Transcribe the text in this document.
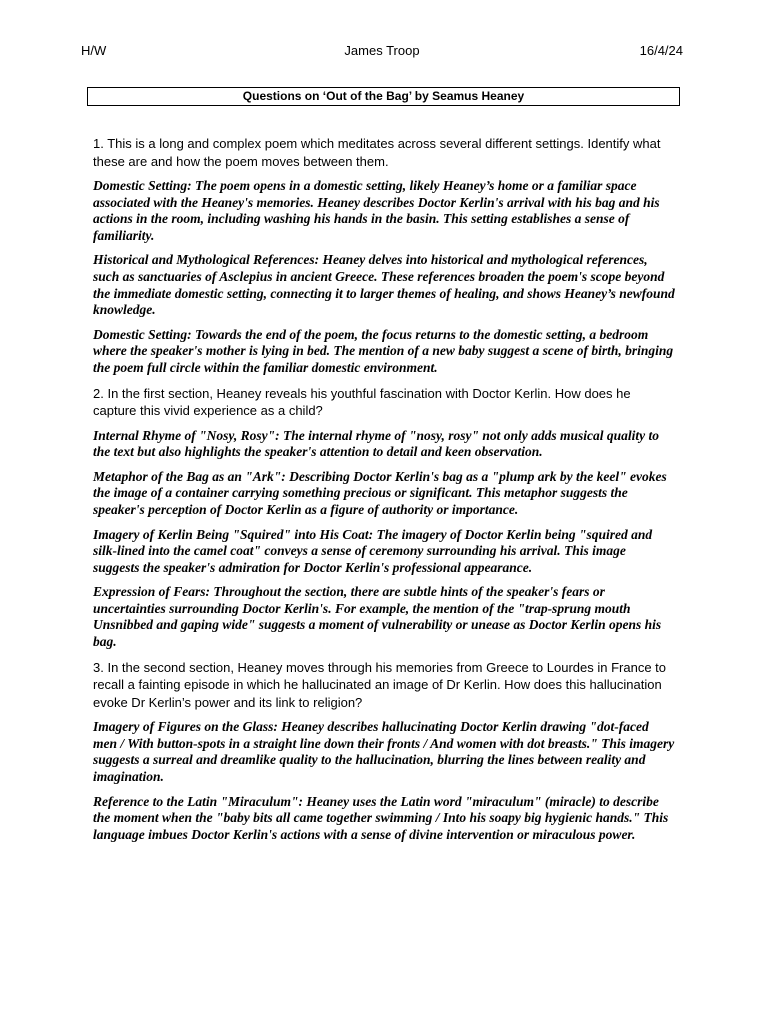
H/W	James Troop	16/4/24
Questions on ‘Out of the Bag’ by Seamus Heaney

1. This is a long and complex poem which meditates across several different settings. Identify what these are and how the poem moves between them.

Domestic Setting: The poem opens in a domestic setting, likely Heaney’s home or a familiar space associated with the Heaney's memories. Heaney describes Doctor Kerlin's arrival with his bag and his actions in the room, including washing his hands in the basin. This setting establishes a sense of familiarity.

Historical and Mythological References: Heaney delves into historical and mythological references, such as sanctuaries of Asclepius in ancient Greece. These references broaden the poem's scope beyond the immediate domestic setting, connecting it to larger themes of healing, and shows Heaney’s newfound knowledge.

Domestic Setting: Towards the end of the poem, the focus returns to the domestic setting, a bedroom where the speaker's mother is lying in bed. The mention of a new baby suggest a scene of birth, bringing the poem full circle within the familiar domestic environment.

2. In the first section, Heaney reveals his youthful fascination with Doctor Kerlin. How does he capture this vivid experience as a child?

Internal Rhyme of "Nosy, Rosy": The internal rhyme of "nosy, rosy" not only adds musical quality to the text but also highlights the speaker's attention to detail and keen observation.

Metaphor of the Bag as an "Ark": Describing Doctor Kerlin's bag as a "plump ark by the keel" evokes the image of a container carrying something precious or significant. This metaphor suggests the speaker's perception of Doctor Kerlin as a figure of authority or importance.

Imagery of Kerlin Being "Squired" into His Coat: The imagery of Doctor Kerlin being "squired and silk-lined into the camel coat" conveys a sense of ceremony surrounding his arrival. This image suggests the speaker's admiration for Doctor Kerlin's professional appearance.

Expression of Fears: Throughout the section, there are subtle hints of the speaker's fears or uncertainties surrounding Doctor Kerlin's. For example, the mention of the "trap-sprung mouth Unsnibbed and gaping wide" suggests a moment of vulnerability or unease as Doctor Kerlin opens his bag.

3. In the second section, Heaney moves through his memories from Greece to Lourdes in France to recall a fainting episode in which he hallucinated an image of Dr Kerlin. How does this hallucination evoke Dr Kerlin’s power and its link to religion?

Imagery of Figures on the Glass: Heaney describes hallucinating Doctor Kerlin drawing "dot-faced men / With button-spots in a straight line down their fronts / And women with dot breasts." This imagery suggests a surreal and dreamlike quality to the hallucination, blurring the lines between reality and imagination.

Reference to the Latin "Miraculum": Heaney uses the Latin word "miraculum" (miracle) to describe the moment when the "baby bits all came together swimming / Into his soapy big hygienic hands." This language imbues Doctor Kerlin's actions with a sense of divine intervention or miraculous power.
